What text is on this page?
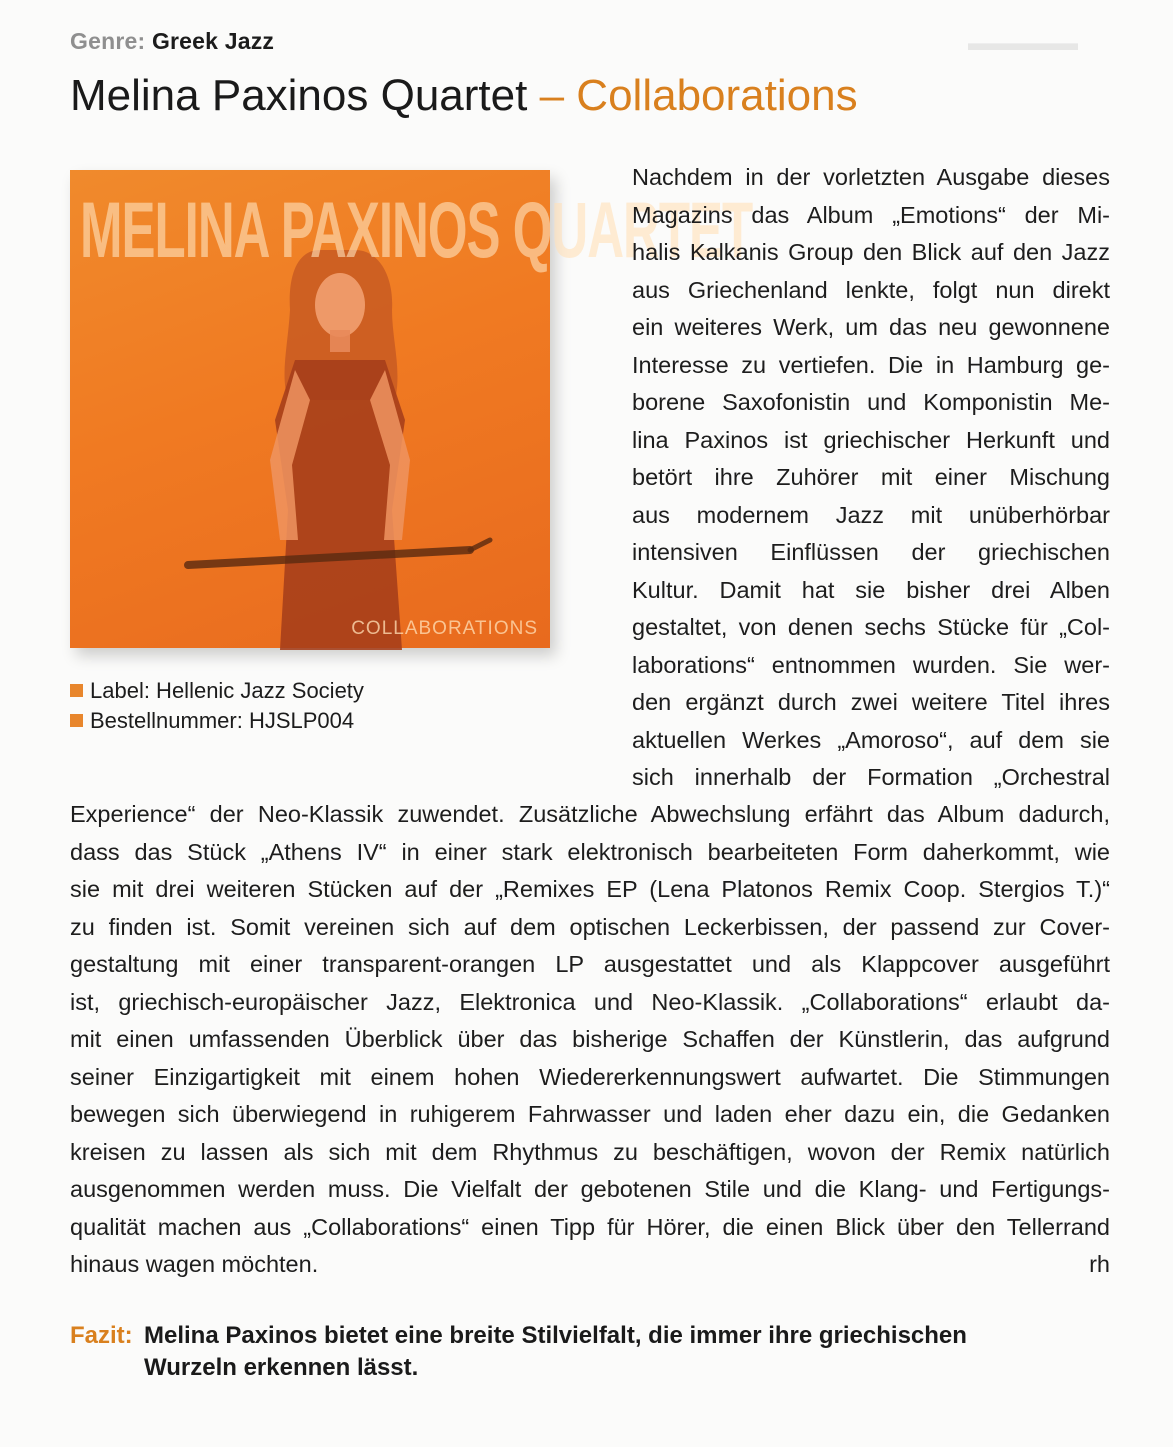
▬▬▬▬▬
Genre: Greek Jazz
Melina Paxinos Quartet – Collaborations
MELINA PAXINOS QUARTET
COLLABORATIONS
Label: Hellenic Jazz Society
Bestellnummer: HJSLP004
Nachdem in der vorletzten Ausgabe dieses
Magazins das Album „Emotions“ der Mi-
halis Kalkanis Group den Blick auf den Jazz
aus Griechenland lenkte, folgt nun direkt
ein weiteres Werk, um das neu gewonnene
Interesse zu vertiefen. Die in Hamburg ge-
borene Saxofonistin und Komponistin Me-
lina Paxinos ist griechischer Herkunft und
betört ihre Zuhörer mit einer Mischung
aus modernem Jazz mit unüberhörbar
intensiven Einflüssen der griechischen
Kultur. Damit hat sie bisher drei Alben
gestaltet, von denen sechs Stücke für „Col-
laborations“ entnommen wurden. Sie wer-
den ergänzt durch zwei weitere Titel ihres
aktuellen Werkes „Amoroso“, auf dem sie
sich innerhalb der Formation „Orchestral
Experience“ der Neo-Klassik zuwendet. Zusätzliche Abwechslung erfährt das Album dadurch,
dass das Stück „Athens IV“ in einer stark elektronisch bearbeiteten Form daherkommt, wie
sie mit drei weiteren Stücken auf der „Remixes EP (Lena Platonos Remix Coop. Stergios T.)“
zu finden ist. Somit vereinen sich auf dem optischen Leckerbissen, der passend zur Cover-
gestaltung mit einer transparent-orangen LP ausgestattet und als Klappcover ausgeführt
ist, griechisch-europäischer Jazz, Elektronica und Neo-Klassik. „Collaborations“ erlaubt da-
mit einen umfassenden Überblick über das bisherige Schaffen der Künstlerin, das aufgrund
seiner Einzigartigkeit mit einem hohen Wiedererkennungswert aufwartet. Die Stimmungen
bewegen sich überwiegend in ruhigerem Fahrwasser und laden eher dazu ein, die Gedanken
kreisen zu lassen als sich mit dem Rhythmus zu beschäftigen, wovon der Remix natürlich
ausgenommen werden muss. Die Vielfalt der gebotenen Stile und die Klang- und Fertigungs-
qualität machen aus „Collaborations“ einen Tipp für Hörer, die einen Blick über den Tellerrand
hinaus wagen möchten.	rh
Fazit: Melina Paxinos bietet eine breite Stilvielfalt, die immer ihre griechischen
Wurzeln erkennen lässt.
